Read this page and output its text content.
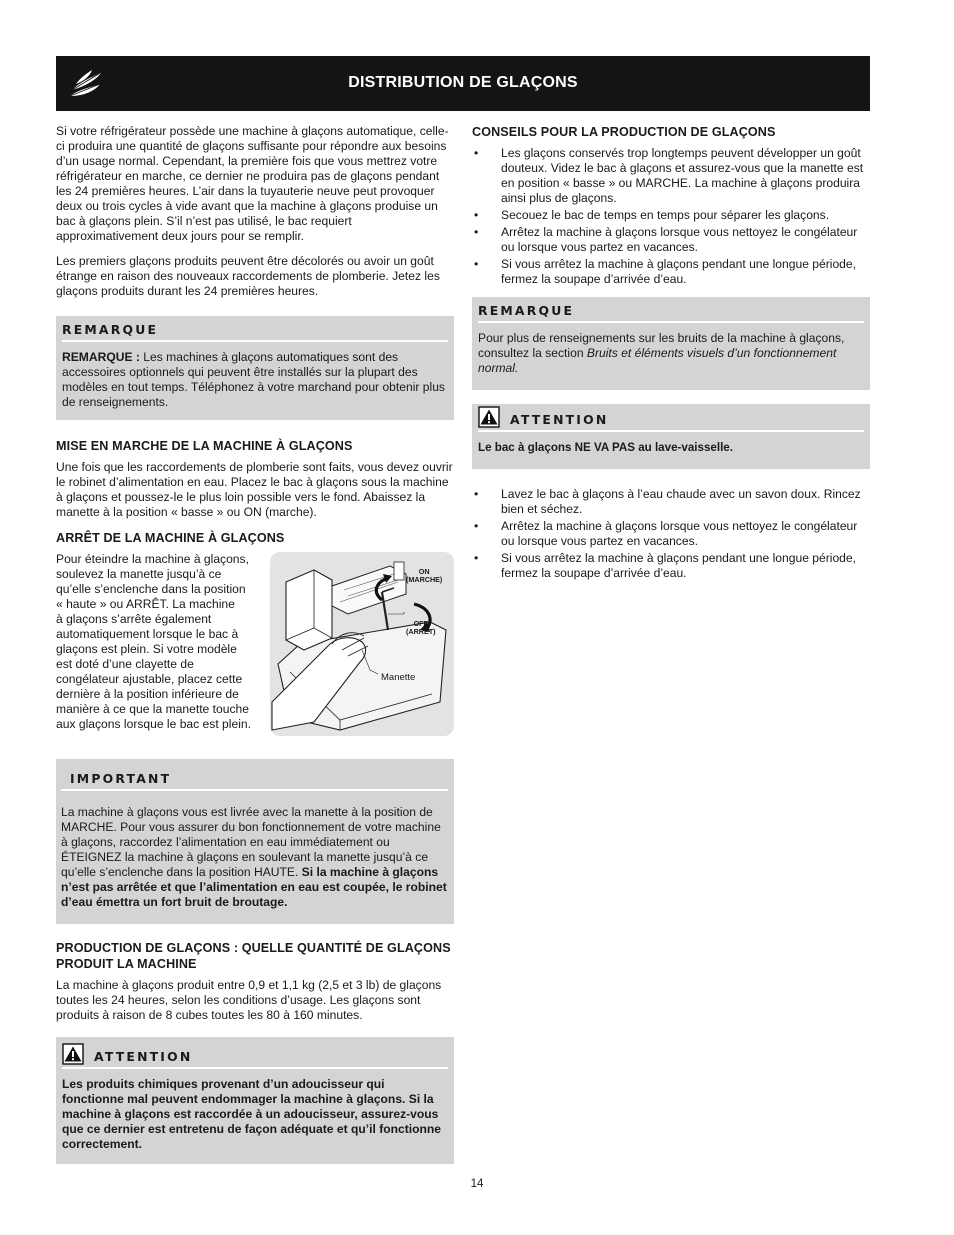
DISTRIBUTION DE GLAÇONS

Si votre réfrigérateur possède une machine à glaçons automatique, celle-ci produira une quantité de glaçons suffisante pour répondre aux besoins d’un usage normal. Cependant, la première fois que vous mettrez votre réfrigérateur en marche, ce dernier ne produira pas de glaçons pendant les 24 premières heures. L’air dans la tuyauterie neuve peut provoquer deux ou trois cycles à vide avant que la machine à glaçons produise un bac à glaçons plein. S’il n’est pas utilisé, le bac requiert approximativement deux jours pour se remplir.

Les premiers glaçons produits peuvent être décolorés ou avoir un goût étrange en raison des nouveaux raccordements de plomberie. Jetez les glaçons produits durant les 24 premières heures.

REMARQUE

REMARQUE : Les machines à glaçons automatiques sont des accessoires optionnels qui peuvent être installés sur la plupart des modèles en tout temps. Téléphonez à votre marchand pour obtenir plus de renseignements.

MISE EN MARCHE DE LA MACHINE À GLAÇONS

Une fois que les raccordements de plomberie sont faits, vous devez ouvrir le robinet d’alimentation en eau. Placez le bac à glaçons sous la machine à glaçons et poussez-le le plus loin possible vers le fond. Abaissez la manette à la position « basse » ou ON (marche).

ARRÊT DE LA MACHINE À GLAÇONS
Pour éteindre la machine à glaçons,
soulevez la manette jusqu’à ce
qu’elle s’enclenche dans la position
« haute » ou ARRÊT. La machine
à glaçons s’arrête également
automatiquement lorsque le bac à
glaçons est plein. Si votre modèle
est doté d’une clayette de
congélateur ajustable, placez cette
dernière à la position inférieure de
manière à ce que la manette touche
aux glaçons lorsque le bac est plein.
ON
(MARCHE)
OFF
(ARRÊT)
Manette
IMPORTANT

La machine à glaçons vous est livrée avec la manette à la position de MARCHE. Pour vous assurer du bon fonctionnement de votre machine à glaçons, raccordez l’alimentation en eau immédiatement ou ÉTEIGNEZ la machine à glaçons en soulevant la manette jusqu’à ce qu’elle s’enclenche dans la position HAUTE. Si la machine à glaçons n’est pas arrêtée et que l’alimentation en eau est coupée, le robinet d’eau émettra un fort bruit de broutage.

PRODUCTION DE GLAÇONS : QUELLE QUANTITÉ DE GLAÇONS PRODUIT LA MACHINE

La machine à glaçons produit entre 0,9 et 1,1 kg (2,5 et 3 lb) de glaçons toutes les 24 heures, selon les conditions d’usage. Les glaçons sont produits à raison de 8 cubes toutes les 80 à 160 minutes.

ATTENTION

Les produits chimiques provenant d’un adoucisseur qui fonctionne mal peuvent endommager la machine à glaçons. Si la machine à glaçons est raccordée à un adoucisseur, assurez-vous que ce dernier est entretenu de façon adéquate et qu’il fonctionne correctement.

CONSEILS POUR LA PRODUCTION DE GLAÇONS
• Les glaçons conservés trop longtemps peuvent développer un goût douteux. Videz le bac à glaçons et assurez-vous que la manette est en position « basse » ou MARCHE. La machine à glaçons produira ainsi plus de glaçons.
• Secouez le bac de temps en temps pour séparer les glaçons.
• Arrêtez la machine à glaçons lorsque vous nettoyez le congélateur ou lorsque vous partez en vacances.
• Si vous arrêtez la machine à glaçons pendant une longue période, fermez la soupape d’arrivée d’eau.
REMARQUE

Pour plus de renseignements sur les bruits de la machine à glaçons, consultez la section Bruits et éléments visuels d’un fonctionnement normal.

ATTENTION

Le bac à glaçons NE VA PAS au lave-vaisselle.

• Lavez le bac à glaçons à l’eau chaude avec un savon doux. Rincez bien et séchez.
• Arrêtez la machine à glaçons lorsque vous nettoyez le congélateur ou lorsque vous partez en vacances.
• Si vous arrêtez la machine à glaçons pendant une longue période, fermez la soupape d’arrivée d’eau.
14
